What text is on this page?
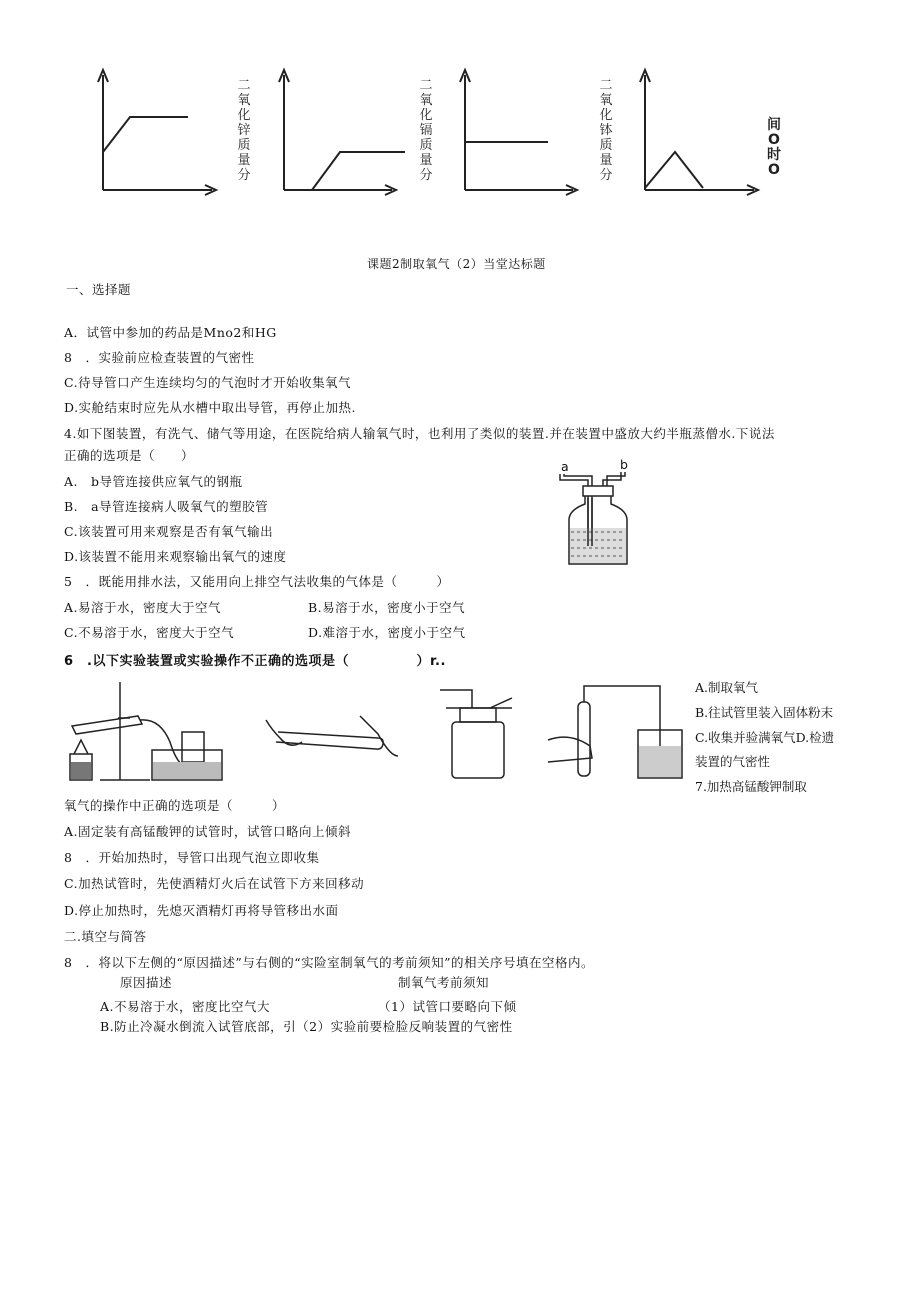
二
氧
化
锌
质
量
分
二
氧
化
镉
质
量
分
二
氧
化
钵
质
量
分
间
O
时
O
课题2制取氧气（2）当堂达标题
一、选择题
A．试管中参加的药品是Mno2和HG
8　．实验前应检查装置的气密性
C.待导管口产生连续均匀的气泡时才开始收集氧气
D.实舱结束时应先从水槽中取出导管，再停止加热.
4.如下图装置，有洗气、储气等用途，在医院给病人输氧气时，也利用了类似的装置.并在装置中盛放大约半瓶蒸僧水.下说法
正确的选项是（　　）
A.　b导管连接供应氧气的钢瓶
B.　a导管连接病人吸氧气的塑胶管
C.该装置可用来观察是否有氧气输出
D.该装置不能用来观察输出氧气的速度
a	b
5　．既能用排水法，又能用向上排空气法收集的气体是（　　　）
A.易溶于水，密度大于空气	B.易溶于水，密度小于空气
C.不易溶于水，密度大于空气	D.难溶于水，密度小于空气
6　.以下实验装置或实验操作不正确的选项是（　　　　　）r..
A.制取氧气
B.往试管里装入固体粉末
C.收集并验满氧气D.检遗
装置的气密性
7.加热高锰酸钾制取
氧气的操作中正确的选项是（　　　）
A.固定装有高锰酸钾的试管时，试管口略向上倾斜
8　．开始加热时，导管口出现气泡立即收集
C.加热试管时，先使酒精灯火后在试管下方来回移动
D.停止加热时，先熄灭酒精灯再将导管移出水面
二.填空与简答
8　．将以下左侧的“原因描述”与右侧的“实险室制氧气的考前须知”的相关序号填在空格内。
原因描述	制氧气考前须知
A.不易溶于水，密度比空气大	（1）试管口要略向下倾
B.防止冷凝水倒流入试管底部，引（2）实验前要检脸反响装置的气密性
